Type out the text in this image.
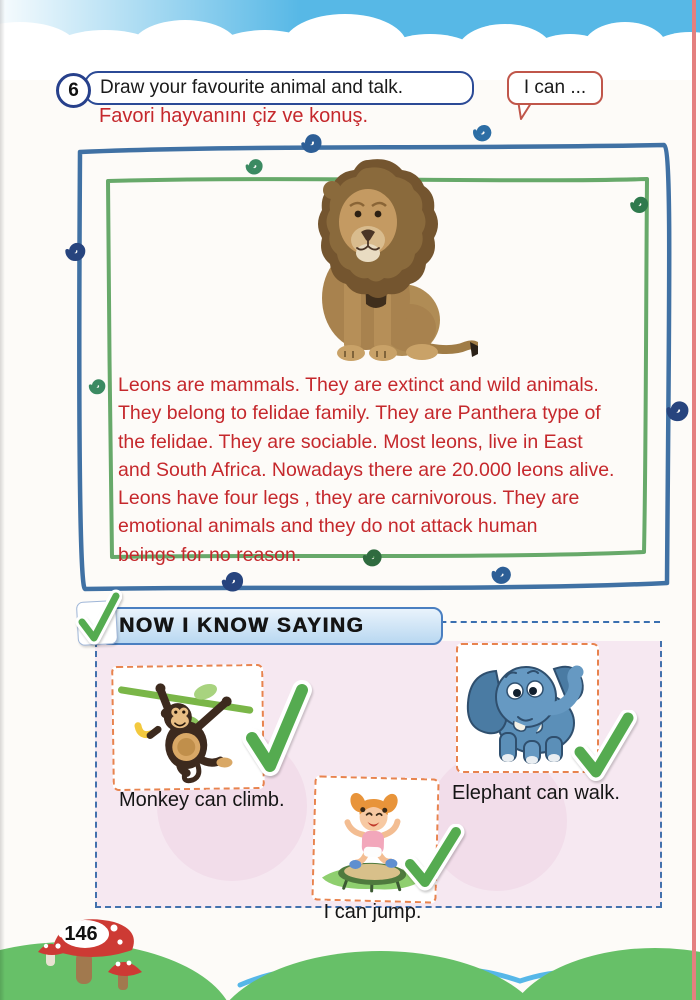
6	Draw your favourite animal and talk.
Favori hayvanını çiz ve konuş.
I can ...
Leons are mammals. They are extinct and wild animals.
They belong to felidae family. They are Panthera type of
the felidae. They are sociable. Most leons, live in East
and South Africa. Nowadays there are 20.000 leons alive.
Leons have four legs , they are carnivorous. They are
emotional animals and they do not attack human
beings for no reason.
NOW I KNOW SAYING
Monkey can climb.	Elephant can walk.
I can jump.
146
